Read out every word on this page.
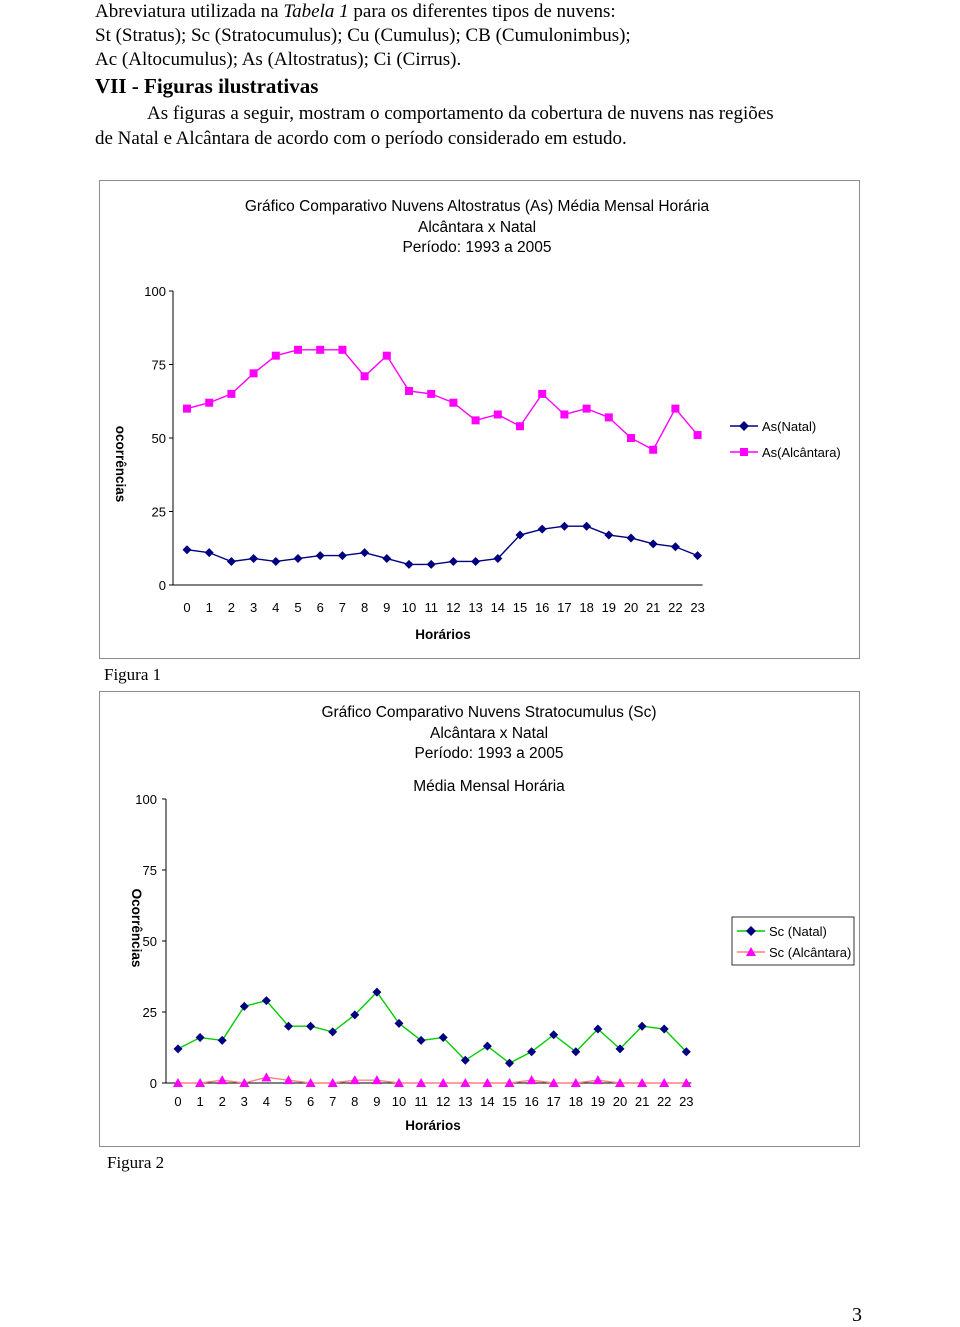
Abreviatura utilizada na Tabela 1 para os diferentes tipos de nuvens:
St (Stratus); Sc (Stratocumulus); Cu (Cumulus); CB (Cumulonimbus);
Ac (Altocumulus); As (Altostratus); Ci (Cirrus).
VII - Figuras ilustrativas
As figuras a seguir, mostram o comportamento da cobertura de nuvens nas regiões
de Natal e Alcântara de acordo com o período considerado em estudo.
Gráfico Comparativo Nuvens Altostratus (As) Média Mensal Horária
Alcântara x Natal
Período: 1993 a 2005
ocorrências
Horários
0
25
50
75
100
0 1 2 3 4 5 6 7 8 9 10 11 12 13 14 15 16 17 18 19 20 21 22 23
As(Natal)
As(Alcântara)
Figura 1
Gráfico Comparativo Nuvens Stratocumulus (Sc)
Alcântara x Natal
Período: 1993 a 2005
Média Mensal Horária
Ocorrências
Horários
0
25
50
75
100
0 1 2 3 4 5 6 7 8 9 10 11 12 13 14 15 16 17 18 19 20 21 22 23
Sc (Natal)
Sc (Alcântara)
Figura 2
3
